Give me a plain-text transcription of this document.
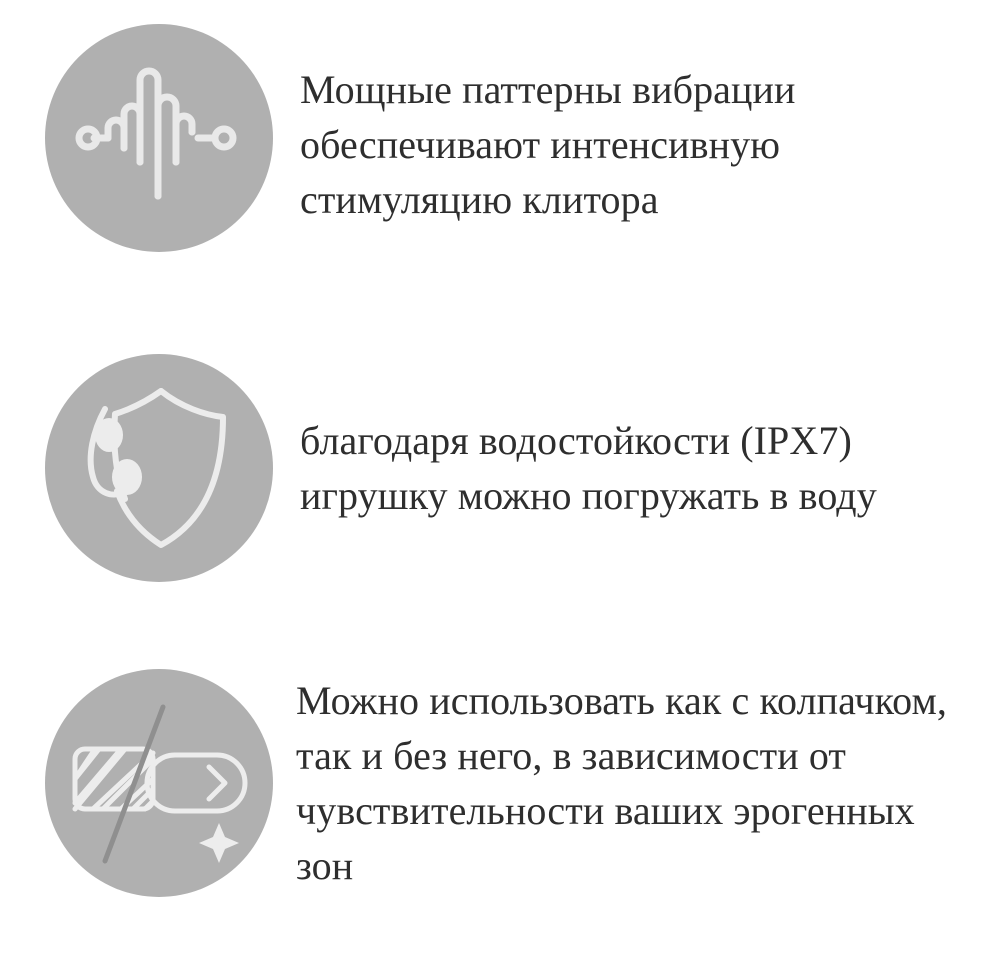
Мощные паттерны вибрации обеспечивают интенсивную стимуляцию клитора
благодаря водостойкости (IPX7) игрушку можно погружать в воду
Можно использовать как с колпачком, так и без него, в зависимости от чувствительности ваших эрогенных зон
